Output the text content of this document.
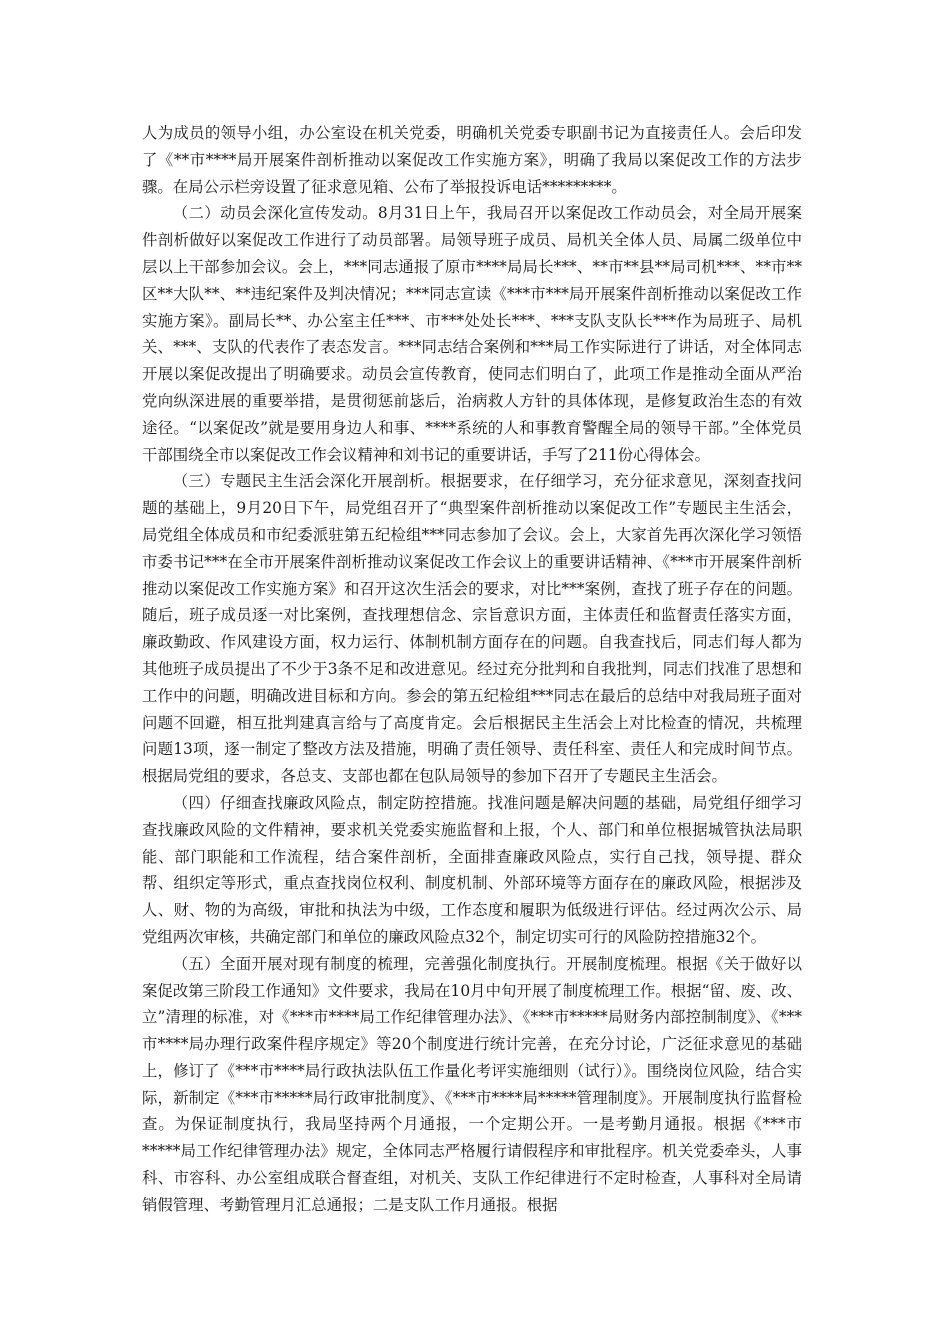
人为成员的领导小组，办公室设在机关党委，明确机关党委专职副书记为直接责任人。会后印发了《**市****局开展案件剖析推动以案促改工作实施方案》，明确了我局以案促改工作的方法步骤。在局公示栏旁设置了征求意见箱、公布了举报投诉电话*********。

（二）动员会深化宣传发动。8月31日上午，我局召开以案促改工作动员会，对全局开展案件剖析做好以案促改工作进行了动员部署。局领导班子成员、局机关全体人员、局属二级单位中层以上干部参加会议。会上，***同志通报了原市****局局长***、**市**县**局司机***、**市**区**大队**、**违纪案件及判决情况；***同志宣读《***市***局开展案件剖析推动以案促改工作实施方案》。副局长**、办公室主任***、市***处处长***、***支队支队长***作为局班子、局机关、***、支队的代表作了表态发言。***同志结合案例和***局工作实际进行了讲话，对全体同志开展以案促改提出了明确要求。动员会宣传教育，使同志们明白了，此项工作是推动全面从严治党向纵深进展的重要举措，是贯彻惩前毖后，治病救人方针的具体体现，是修复政治生态的有效途径。“以案促改”就是要用身边人和事、****系统的人和事教育警醒全局的领导干部。”全体党员干部围绕全市以案促改工作会议精神和刘书记的重要讲话，手写了211份心得体会。

（三）专题民主生活会深化开展剖析。根据要求，在仔细学习，充分征求意见，深刻查找问题的基础上，9月20日下午，局党组召开了“典型案件剖析推动以案促改工作”专题民主生活会，局党组全体成员和市纪委派驻第五纪检组***同志参加了会议。会上，大家首先再次深化学习领悟市委书记***在全市开展案件剖析推动议案促改工作会议上的重要讲话精神、《***市开展案件剖析推动以案促改工作实施方案》和召开这次生活会的要求，对比***案例，查找了班子存在的问题。随后，班子成员逐一对比案例，查找理想信念、宗旨意识方面，主体责任和监督责任落实方面，廉政勤政、作风建设方面，权力运行、体制机制方面存在的问题。自我查找后，同志们每人都为其他班子成员提出了不少于3条不足和改进意见。经过充分批判和自我批判，同志们找准了思想和工作中的问题，明确改进目标和方向。参会的第五纪检组***同志在最后的总结中对我局班子面对问题不回避，相互批判建真言给与了高度肯定。会后根据民主生活会上对比检查的情况，共梳理问题13项，逐一制定了整改方法及措施，明确了责任领导、责任科室、责任人和完成时间节点。根据局党组的要求，各总支、支部也都在包队局领导的参加下召开了专题民主生活会。

（四）仔细查找廉政风险点，制定防控措施。找准问题是解决问题的基础，局党组仔细学习查找廉政风险的文件精神，要求机关党委实施监督和上报，个人、部门和单位根据城管执法局职能、部门职能和工作流程，结合案件剖析，全面排查廉政风险点，实行自己找，领导提、群众帮、组织定等形式，重点查找岗位权利、制度机制、外部环境等方面存在的廉政风险，根据涉及人、财、物的为高级，审批和执法为中级，工作态度和履职为低级进行评估。经过两次公示、局党组两次审核，共确定部门和单位的廉政风险点32个，制定切实可行的风险防控措施32个。

（五）全面开展对现有制度的梳理，完善强化制度执行。开展制度梳理。根据《关于做好以案促改第三阶段工作通知》文件要求，我局在10月中旬开展了制度梳理工作。根据“留、废、改、立”清理的标准，对《***市****局工作纪律管理办法》、《***市*****局财务内部控制制度》、《***市****局办理行政案件程序规定》等20个制度进行统计完善，在充分讨论，广泛征求意见的基础上，修订了《***市****局行政执法队伍工作量化考评实施细则（试行）》。围绕岗位风险，结合实际，新制定《***市*****局行政审批制度》、《***市****局*****管理制度》。开展制度执行监督检查。为保证制度执行，我局坚持两个月通报，一个定期公开。一是考勤月通报。根据《***市*****局工作纪律管理办法》规定，全体同志严格履行请假程序和审批程序。机关党委牵头，人事科、市容科、办公室组成联合督查组，对机关、支队工作纪律进行不定时检查，人事科对全局请销假管理、考勤管理月汇总通报；二是支队工作月通报。根据
